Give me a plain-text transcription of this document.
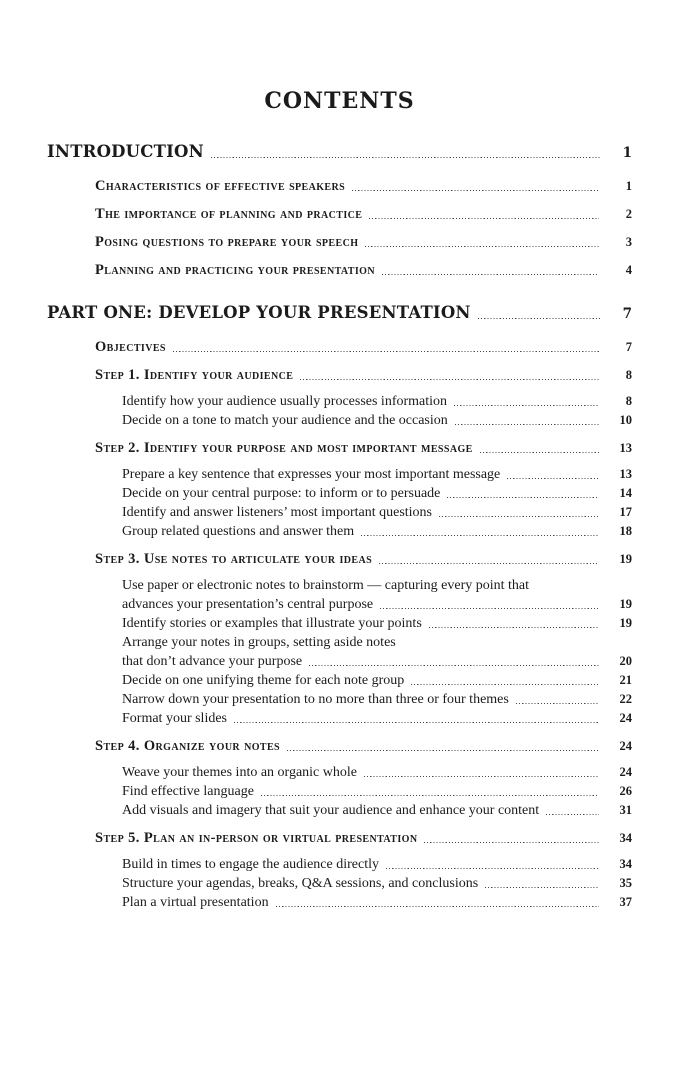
CONTENTS
INTRODUCTION	1
Characteristics of effective speakers	1
The importance of planning and practice	2
Posing questions to prepare your speech	3
Planning and practicing your presentation	4
PART ONE: DEVELOP YOUR PRESENTATION	7
Objectives	7
Step 1. Identify your audience	8
Identify how your audience usually processes information	8
Decide on a tone to match your audience and the occasion	10
Step 2. Identify your purpose and most important message	13
Prepare a key sentence that expresses your most important message	13
Decide on your central purpose: to inform or to persuade	14
Identify and answer listeners’ most important questions	17
Group related questions and answer them	18
Step 3. Use notes to articulate your ideas	19
Use paper or electronic notes to brainstorm — capturing every point that
advances your presentation’s central purpose	19
Identify stories or examples that illustrate your points	19
Arrange your notes in groups, setting aside notes
that don’t advance your purpose	20
Decide on one unifying theme for each note group	21
Narrow down your presentation to no more than three or four themes	22
Format your slides	24
Step 4. Organize your notes	24
Weave your themes into an organic whole	24
Find effective language	26
Add visuals and imagery that suit your audience and enhance your content	31
Step 5. Plan an in-person or virtual presentation	34
Build in times to engage the audience directly	34
Structure your agendas, breaks, Q&A sessions, and conclusions	35
Plan a virtual presentation	37
